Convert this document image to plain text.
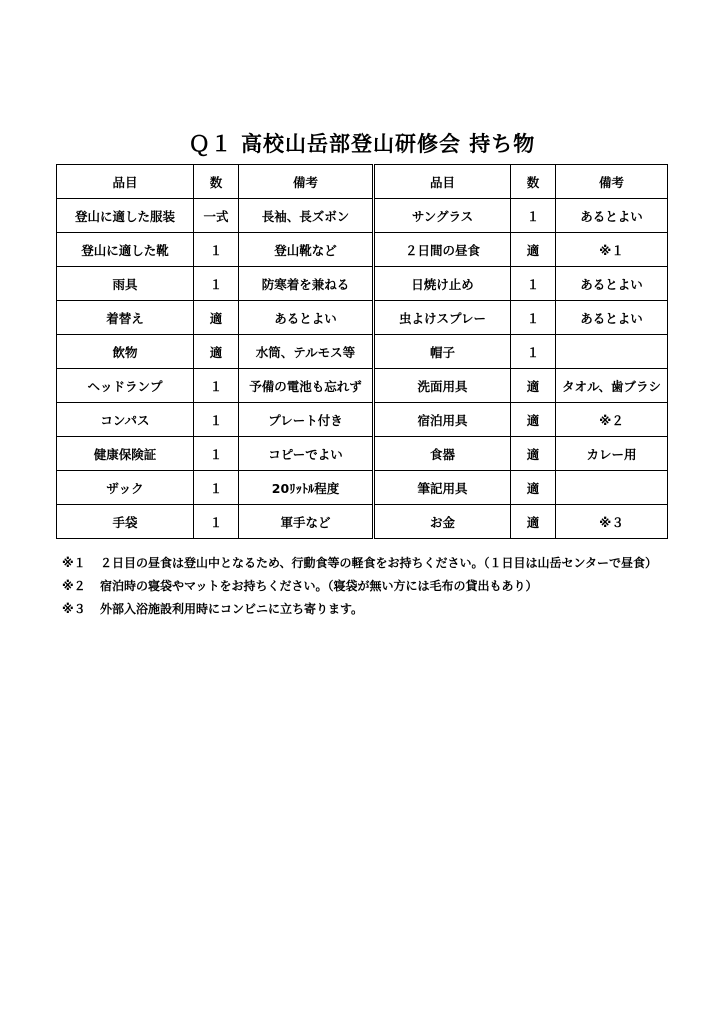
Ｑ１ 高校山岳部登山研修会 持ち物
品目	数	備考	品目	数	備考
登山に適した服装	一式	長袖、長ズボン	サングラス	１	あるとよい
登山に適した靴	１	登山靴など	２日間の昼食	適	※１
雨具	１	防寒着を兼ねる	日焼け止め	１	あるとよい
着替え	適	あるとよい	虫よけスプレー	１	あるとよい
飲物	適	水筒、テルモス等	帽子	１	
ヘッドランプ	１	予備の電池も忘れず	洗面用具	適	タオル、歯ブラシ
コンパス	１	プレート付き	宿泊用具	適	※２
健康保険証	１	コピーでよい	食器	適	カレー用
ザック	１	20ﾘｯﾄﾙ程度	筆記用具	適	
手袋	１	軍手など	お金	適	※３
※１	２日目の昼食は登山中となるため、行動食等の軽食をお持ちください。（１日目は山岳センターで昼食）
※２	宿泊時の寝袋やマットをお持ちください。（寝袋が無い方には毛布の貸出もあり）
※３	外部入浴施設利用時にコンビニに立ち寄ります。
